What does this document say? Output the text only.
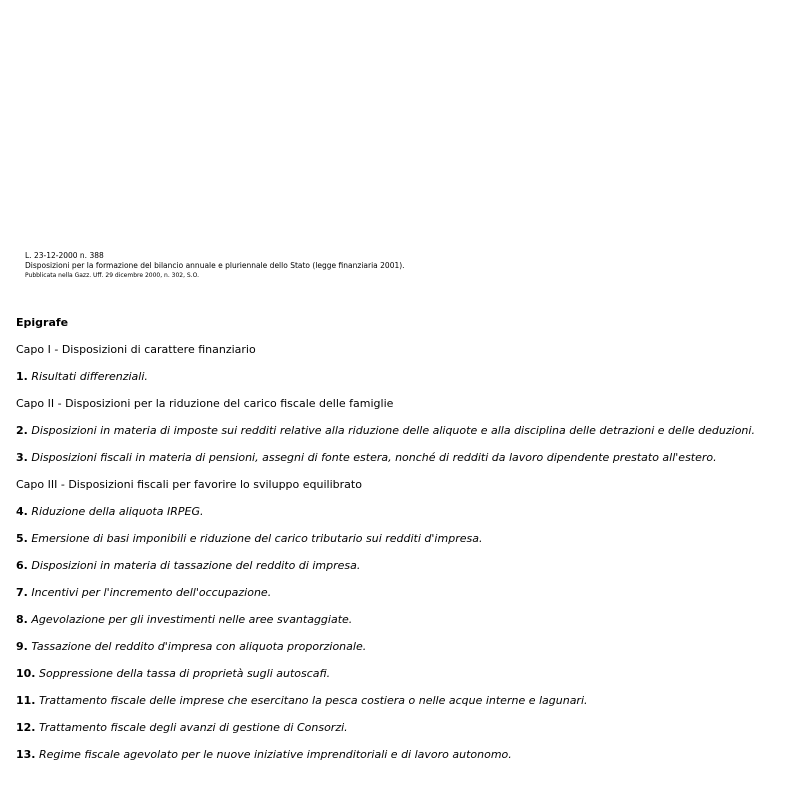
L. 23-12-2000 n. 388

Disposizioni per la formazione del bilancio annuale e pluriennale dello Stato (legge finanziaria 2001).

Pubblicata nella Gazz. Uff. 29 dicembre 2000, n. 302, S.O.

Epigrafe
Capo I - Disposizioni di carattere finanziario
1. Risultati differenziali.
Capo II - Disposizioni per la riduzione del carico fiscale delle famiglie
2. Disposizioni in materia di imposte sui redditi relative alla riduzione delle aliquote e alla disciplina delle detrazioni e delle deduzioni.
3. Disposizioni fiscali in materia di pensioni, assegni di fonte estera, nonché di redditi da lavoro dipendente prestato all'estero.
Capo III - Disposizioni fiscali per favorire lo sviluppo equilibrato
4. Riduzione della aliquota IRPEG.
5. Emersione di basi imponibili e riduzione del carico tributario sui redditi d'impresa.
6. Disposizioni in materia di tassazione del reddito di impresa.
7. Incentivi per l'incremento dell'occupazione.
8. Agevolazione per gli investimenti nelle aree svantaggiate.
9. Tassazione del reddito d'impresa con aliquota proporzionale.
10. Soppressione della tassa di proprietà sugli autoscafi.
11. Trattamento fiscale delle imprese che esercitano la pesca costiera o nelle acque interne e lagunari.
12. Trattamento fiscale degli avanzi di gestione di Consorzi.
13. Regime fiscale agevolato per le nuove iniziative imprenditoriali e di lavoro autonomo.
